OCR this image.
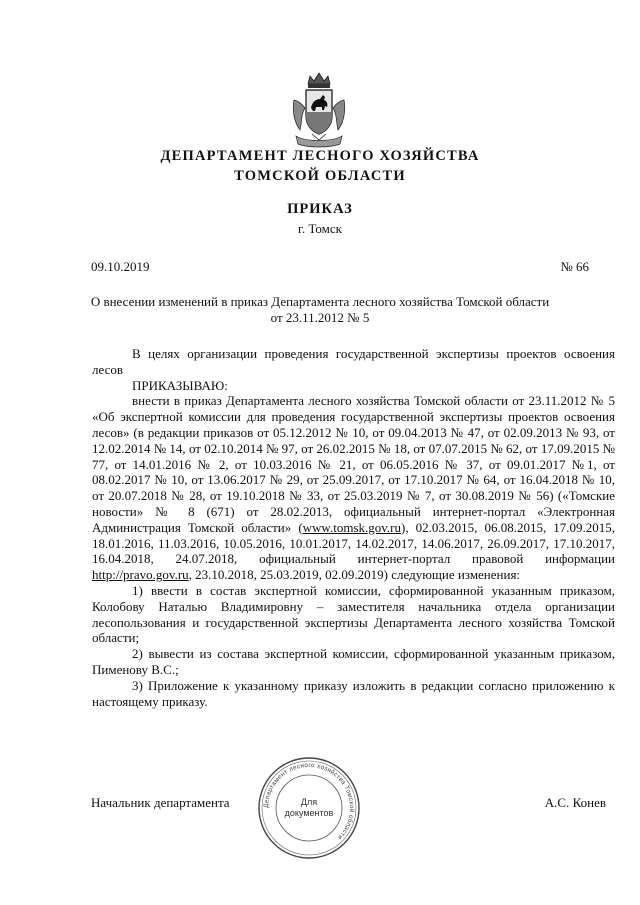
ДЕПАРТАМЕНТ ЛЕСНОГО ХОЗЯЙСТВА
ТОМСКОЙ ОБЛАСТИ
ПРИКАЗ
г. Томск
09.10.2019	№ 66
О внесении изменений в приказ Департамента лесного хозяйства Томской области
от 23.11.2012 № 5

В целях организации проведения государственной экспертизы проектов освоения лесов

ПРИКАЗЫВАЮ:

внести в приказ Департамента лесного хозяйства Томской области от 23.11.2012 № 5 «Об экспертной комиссии для проведения государственной экспертизы проектов освоения лесов» (в редакции приказов от 05.12.2012 № 10, от 09.04.2013 № 47, от 02.09.2013 № 93, от 12.02.2014 № 14, от 02.10.2014 № 97, от 26.02.2015 № 18, от 07.07.2015 № 62, от 17.09.2015 № 77, от 14.01.2016 № 2, от 10.03.2016 № 21, от 06.05.2016 № 37, от 09.01.2017 №1, от 08.02.2017 № 10, от 13.06.2017 № 29, от 25.09.2017, от 17.10.2017 № 64, от 16.04.2018 № 10, от 20.07.2018 № 28, от 19.10.2018 № 33, от 25.03.2019 № 7, от 30.08.2019 № 56) («Томские новости» № 8 (671) от 28.02.2013, официальный интернет-портал «Электронная Администрация Томской области» (www.tomsk.gov.ru), 02.03.2015, 06.08.2015, 17.09.2015, 18.01.2016, 11.03.2016, 10.05.2016, 10.01.2017, 14.02.2017, 14.06.2017, 26.09.2017, 17.10.2017, 16.04.2018, 24.07.2018, официальный интернет-портал правовой информации http://pravo.gov.ru, 23.10.2018, 25.03.2019, 02.09.2019) следующие изменения:

1) ввести в состав экспертной комиссии, сформированной указанным приказом, Колобову Наталью Владимировну – заместителя начальника отдела организации лесопользования и государственной экспертизы Департамента лесного хозяйства Томской области;

2) вывести из состава экспертной комиссии, сформированной указанным приказом, Пименову В.С.;

3) Приложение к указанному приказу изложить в редакции согласно приложению к настоящему приказу.

Департамент лесного хозяйства Томской области
Для
документов
Начальник департамента	А.С. Конев
